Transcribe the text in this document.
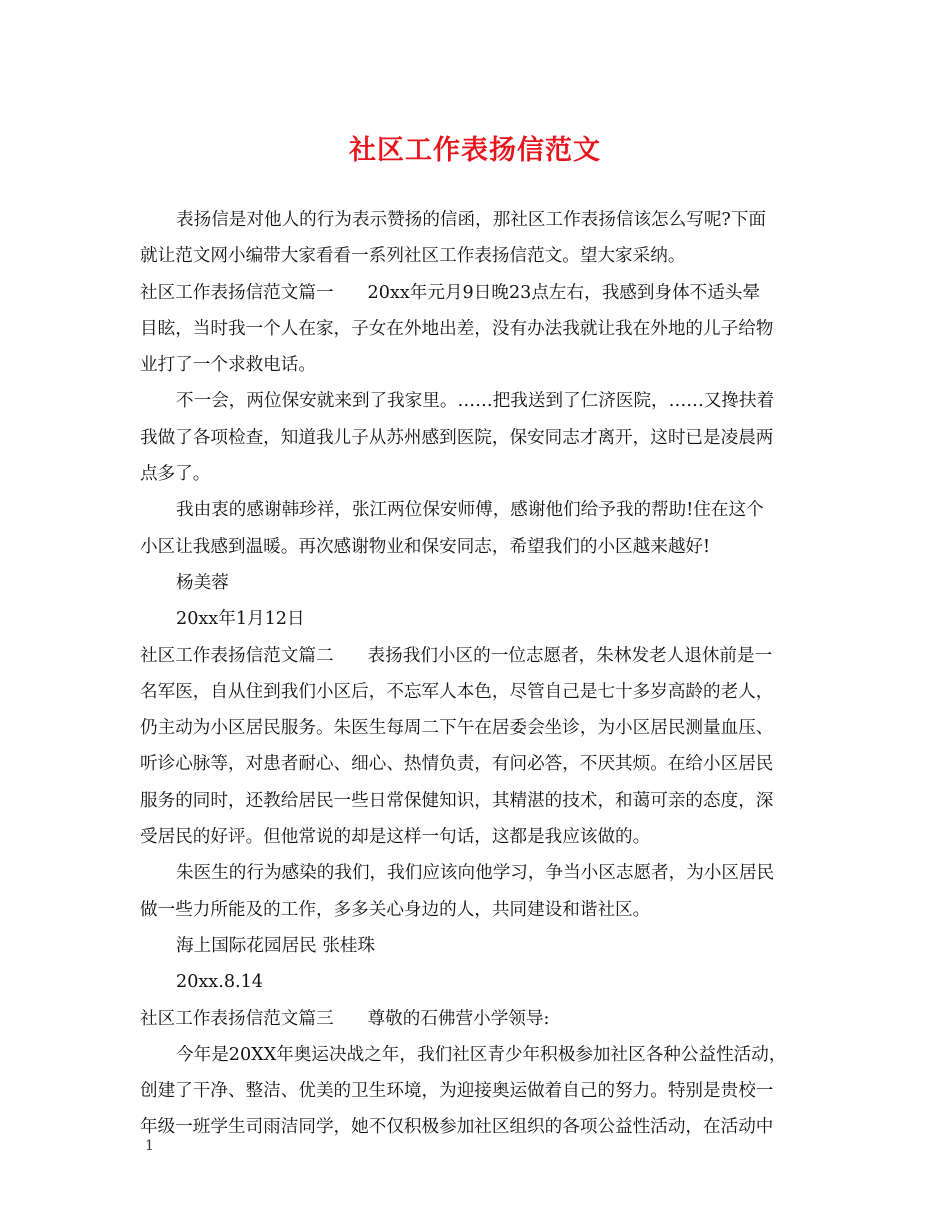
社区工作表扬信范文
表扬信是对他人的行为表示赞扬的信函，那社区工作表扬信该怎么写呢?下面
就让范文网小编带大家看看一系列社区工作表扬信范文。望大家采纳。
社区工作表扬信范文篇一 20xx年元月9日晚23点左右，我感到身体不适头晕
目眩，当时我一个人在家，子女在外地出差，没有办法我就让我在外地的儿子给物
业打了一个求救电话。
不一会，两位保安就来到了我家里。……把我送到了仁济医院，……又搀扶着
我做了各项检查，知道我儿子从苏州感到医院，保安同志才离开，这时已是凌晨两
点多了。
我由衷的感谢韩珍祥，张江两位保安师傅，感谢他们给予我的帮助!住在这个
小区让我感到温暖。再次感谢物业和保安同志，希望我们的小区越来越好!
杨美蓉
20xx年1月12日
社区工作表扬信范文篇二 表扬我们小区的一位志愿者，朱林发老人退休前是一
名军医，自从住到我们小区后，不忘军人本色，尽管自己是七十多岁高龄的老人，
仍主动为小区居民服务。朱医生每周二下午在居委会坐诊，为小区居民测量血压、
听诊心脉等，对患者耐心、细心、热情负责，有问必答，不厌其烦。在给小区居民
服务的同时，还教给居民一些日常保健知识，其精湛的技术，和蔼可亲的态度，深
受居民的好评。但他常说的却是这样一句话，这都是我应该做的。
朱医生的行为感染的我们，我们应该向他学习，争当小区志愿者，为小区居民
做一些力所能及的工作，多多关心身边的人，共同建设和谐社区。
海上国际花园居民 张桂珠
20xx.8.14
社区工作表扬信范文篇三 尊敬的石佛营小学领导:
今年是20XX年奥运决战之年，我们社区青少年积极参加社区各种公益性活动，
创建了干净、整洁、优美的卫生环境，为迎接奥运做着自己的努力。特别是贵校一
年级一班学生司雨洁同学，她不仅积极参加社区组织的各项公益性活动，在活动中
1
